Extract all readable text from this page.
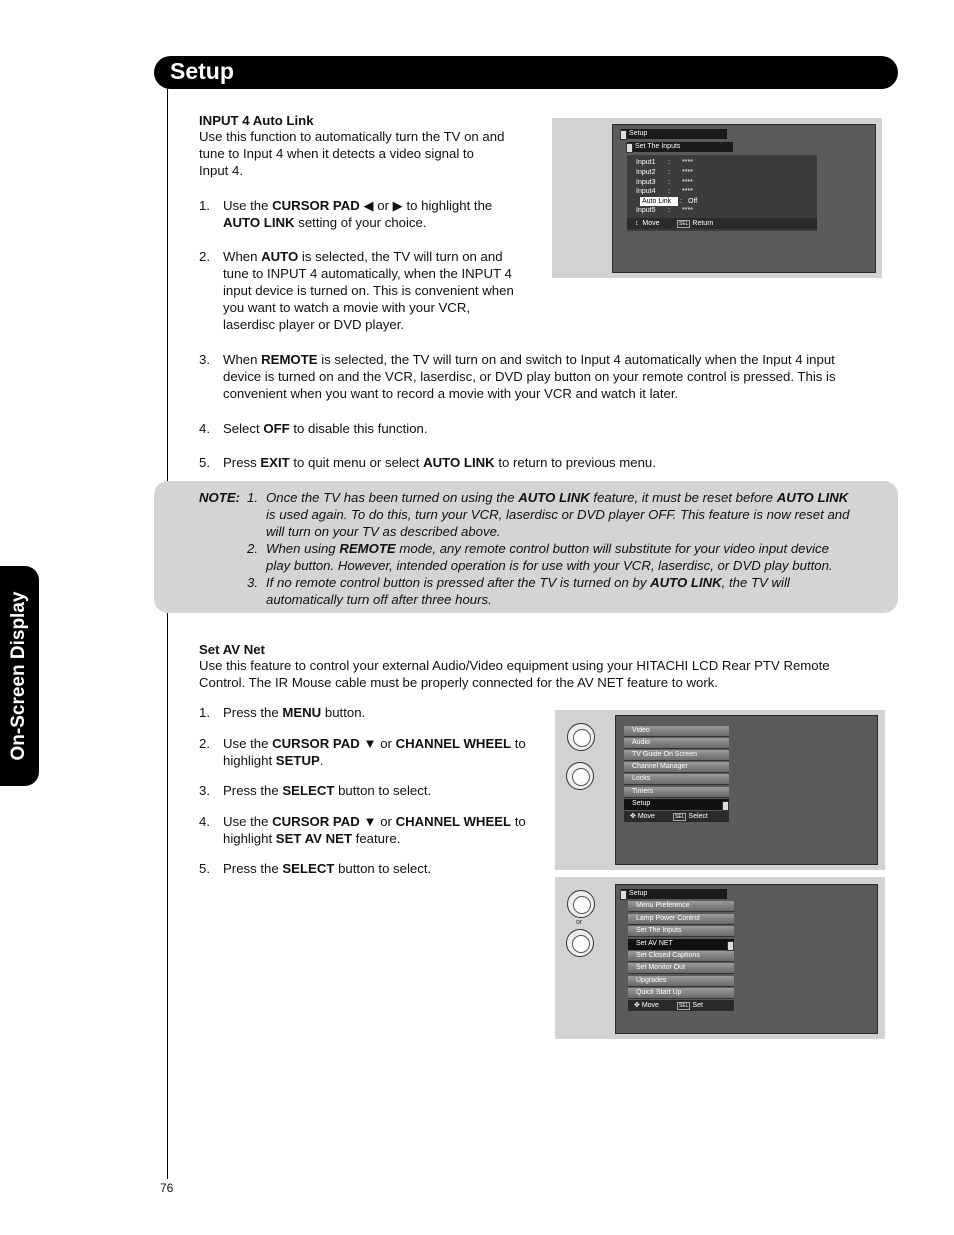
Setup
On-Screen Display
INPUT 4 Auto Link
Use this function to automatically turn the TV on and
tune to Input 4 when it detects a video signal to
Input 4.
1. Use the CURSOR PAD ◀ or ▶ to highlight the
AUTO LINK setting of your choice.
2. When AUTO is selected, the TV will turn on and
tune to INPUT 4 automatically, when the INPUT 4
input device is turned on. This is convenient when
you want to watch a movie with your VCR,
laserdisc player or DVD player.
3. When REMOTE is selected, the TV will turn on and switch to Input 4 automatically when the Input 4 input
device is turned on and the VCR, laserdisc, or DVD play button on your remote control is pressed. This is
convenient when you want to record a movie with your VCR and watch it later.
4. Select OFF to disable this function.
5. Press EXIT to quit menu or select AUTO LINK to return to previous menu.
NOTE: 1. Once the TV has been turned on using the AUTO LINK feature, it must be reset before AUTO LINK
is used again. To do this, turn your VCR, laserdisc or DVD player OFF. This feature is now reset and
will turn on your TV as described above.
2. When using REMOTE mode, any remote control button will substitute for your video input device
play button. However, intended operation is for use with your VCR, laserdisc, or DVD play button.
3. If no remote control button is pressed after the TV is turned on by AUTO LINK, the TV will
automatically turn off after three hours.
Set AV Net
Use this feature to control your external Audio/Video equipment using your HITACHI LCD Rear PTV Remote
Control. The IR Mouse cable must be properly connected for the AV NET feature to work.
1. Press the MENU button.
2. Use the CURSOR PAD ▼ or CHANNEL WHEEL to
highlight SETUP.
3. Press the SELECT button to select.
4. Use the CURSOR PAD ▼ or CHANNEL WHEEL to
highlight SET AV NET feature.
5. Press the SELECT button to select.
Setup
Set The Inputs
Input1 : ****
Input2 : ****
Input3 : ****
Input4 : ****
Auto Link : Off
Input5 : ****
↕ Move	SEL Return
Video
Audio
TV Guide On Screen
Channel Manager
Locks
Timers
Setup
✥ Move	SEL Select
or
Setup
Menu Preference
Lamp Power Control
Set The Inputs
Set AV NET
Set Closed Captions
Set Monitor Out
Upgrades
Quick Start Up
✥ Move	SEL Set
76
